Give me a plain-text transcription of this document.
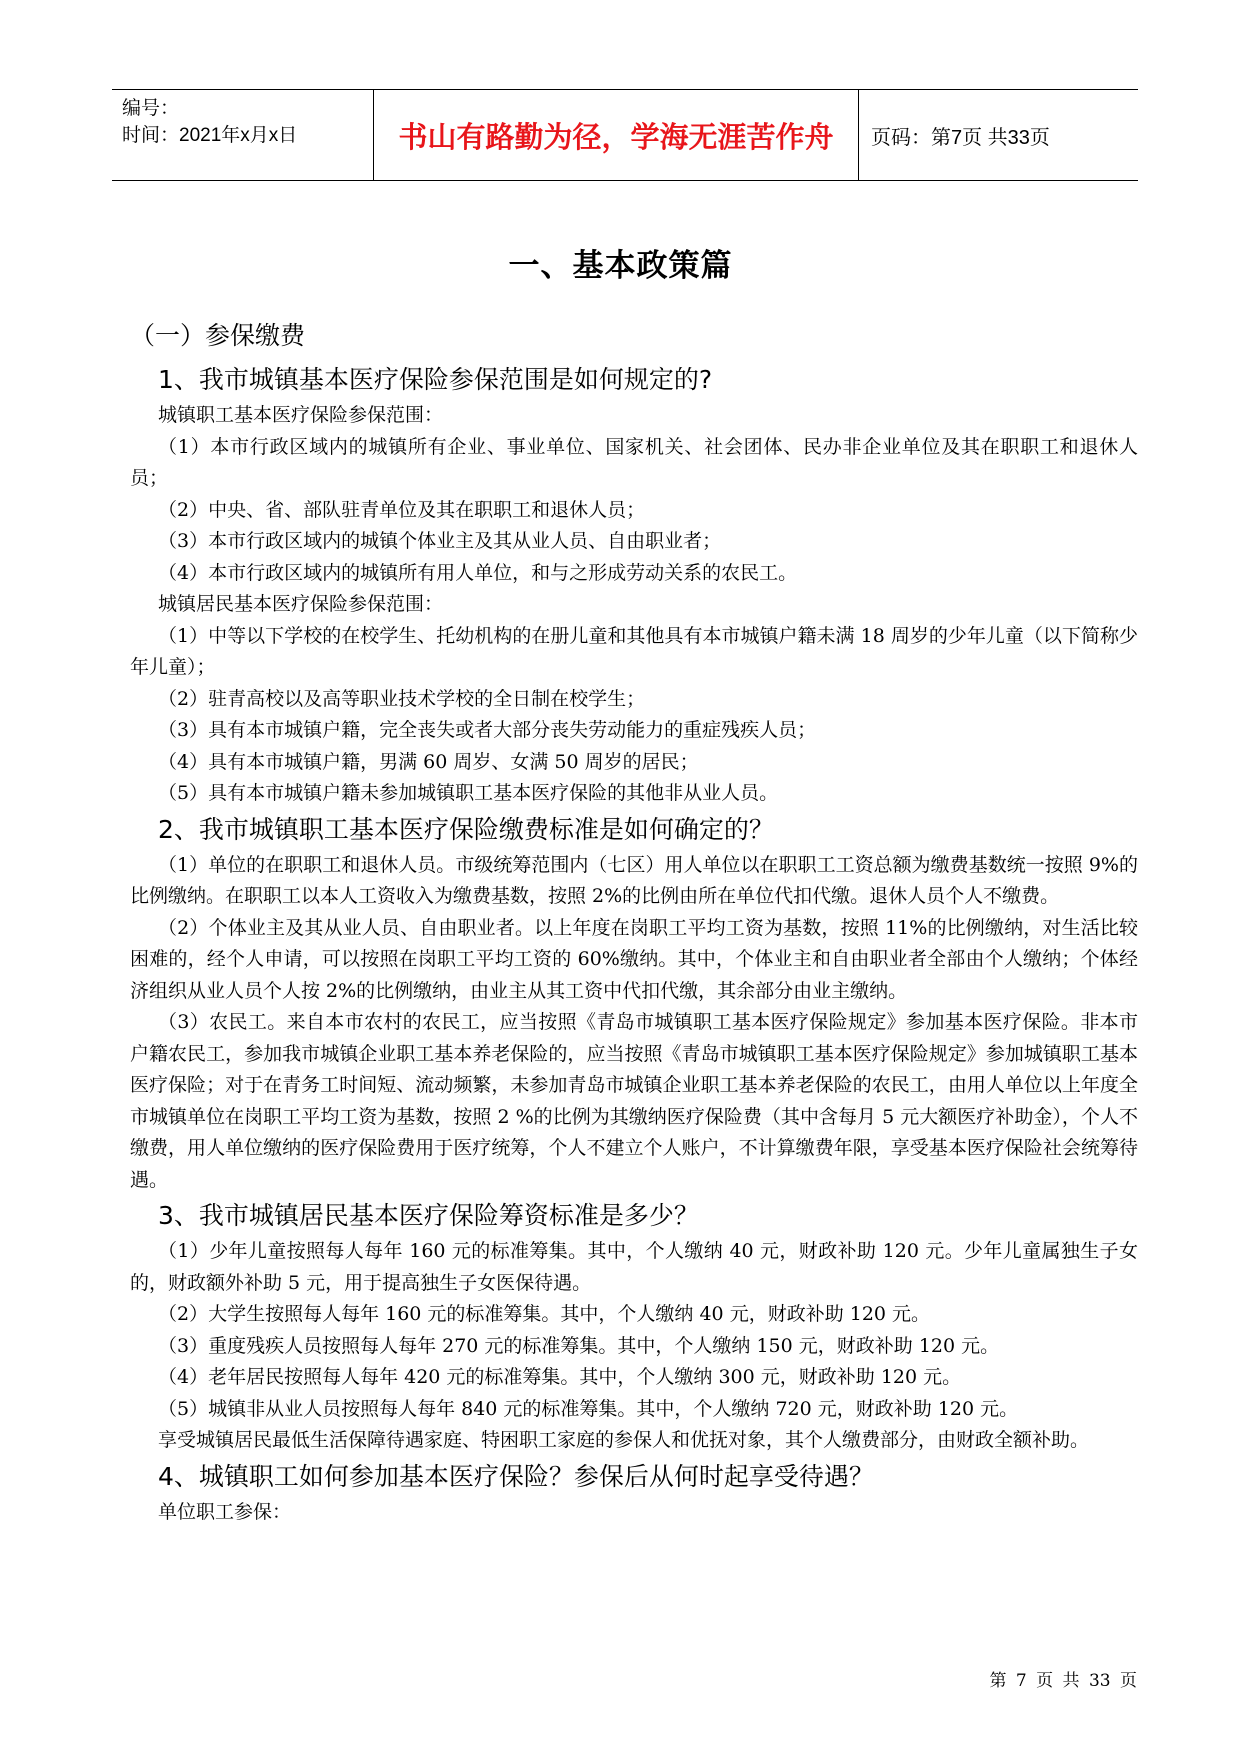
编号：
时间：2021年x月x日	书山有路勤为径，学海无涯苦作舟	页码：第7页 共33页
一、基本政策篇
（一）参保缴费
1、我市城镇基本医疗保险参保范围是如何规定的?

城镇职工基本医疗保险参保范围：

（1）本市行政区域内的城镇所有企业、事业单位、国家机关、社会团体、民办非企业单位及其在职职工和退休人员；

（2）中央、省、部队驻青单位及其在职职工和退休人员；

（3）本市行政区域内的城镇个体业主及其从业人员、自由职业者；

（4）本市行政区域内的城镇所有用人单位，和与之形成劳动关系的农民工。

城镇居民基本医疗保险参保范围：

（1）中等以下学校的在校学生、托幼机构的在册儿童和其他具有本市城镇户籍未满 18 周岁的少年儿童（以下简称少年儿童）；

（2）驻青高校以及高等职业技术学校的全日制在校学生；

（3）具有本市城镇户籍，完全丧失或者大部分丧失劳动能力的重症残疾人员；

（4）具有本市城镇户籍，男满 60 周岁、女满 50 周岁的居民；

（5）具有本市城镇户籍未参加城镇职工基本医疗保险的其他非从业人员。

2、我市城镇职工基本医疗保险缴费标准是如何确定的？

（1）单位的在职职工和退休人员。市级统筹范围内（七区）用人单位以在职职工工资总额为缴费基数统一按照 9%的比例缴纳。在职职工以本人工资收入为缴费基数，按照 2%的比例由所在单位代扣代缴。退休人员个人不缴费。

（2）个体业主及其从业人员、自由职业者。以上年度在岗职工平均工资为基数，按照 11%的比例缴纳，对生活比较困难的，经个人申请，可以按照在岗职工平均工资的 60%缴纳。其中，个体业主和自由职业者全部由个人缴纳；个体经济组织从业人员个人按 2%的比例缴纳，由业主从其工资中代扣代缴，其余部分由业主缴纳。

（3）农民工。来自本市农村的农民工，应当按照《青岛市城镇职工基本医疗保险规定》参加基本医疗保险。非本市户籍农民工，参加我市城镇企业职工基本养老保险的，应当按照《青岛市城镇职工基本医疗保险规定》参加城镇职工基本医疗保险；对于在青务工时间短、流动频繁，未参加青岛市城镇企业职工基本养老保险的农民工，由用人单位以上年度全市城镇单位在岗职工平均工资为基数，按照 2 %的比例为其缴纳医疗保险费（其中含每月 5 元大额医疗补助金），个人不缴费，用人单位缴纳的医疗保险费用于医疗统筹，个人不建立个人账户，不计算缴费年限，享受基本医疗保险社会统筹待遇。

3、我市城镇居民基本医疗保险筹资标准是多少？

（1）少年儿童按照每人每年 160 元的标准筹集。其中，个人缴纳 40 元，财政补助 120 元。少年儿童属独生子女的，财政额外补助 5 元，用于提高独生子女医保待遇。

（2）大学生按照每人每年 160 元的标准筹集。其中，个人缴纳 40 元，财政补助 120 元。

（3）重度残疾人员按照每人每年 270 元的标准筹集。其中，个人缴纳 150 元，财政补助 120 元。

（4）老年居民按照每人每年 420 元的标准筹集。其中，个人缴纳 300 元，财政补助 120 元。

（5）城镇非从业人员按照每人每年 840 元的标准筹集。其中，个人缴纳 720 元，财政补助 120 元。

享受城镇居民最低生活保障待遇家庭、特困职工家庭的参保人和优抚对象，其个人缴费部分，由财政全额补助。

4、城镇职工如何参加基本医疗保险？参保后从何时起享受待遇？

单位职工参保：

第 7 页 共 33 页
